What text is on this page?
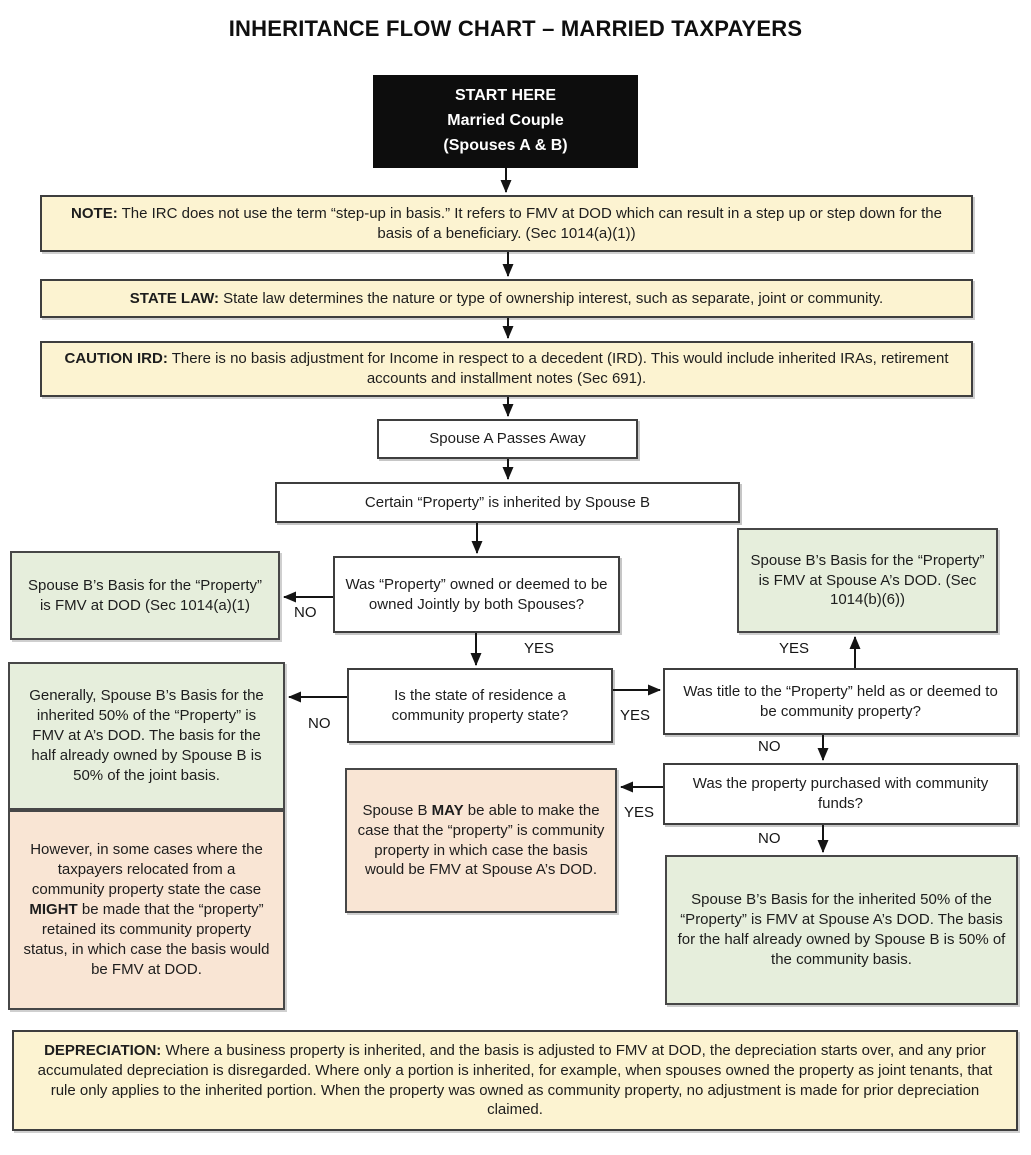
INHERITANCE FLOW CHART – MARRIED TAXPAYERS
START HERE
Married Couple
(Spouses A & B)
NOTE: The IRC does not use the term “step-up in basis.” It refers to FMV at DOD which can result in a step up or step down for the basis of a beneficiary. (Sec 1014(a)(1))
STATE LAW: State law determines the nature or type of ownership interest, such as separate, joint or community.
CAUTION IRD: There is no basis adjustment for Income in respect to a decedent (IRD). This would include inherited IRAs, retirement accounts and installment notes (Sec 691).
Spouse A Passes Away
Certain “Property” is inherited by Spouse B
Was “Property” owned or deemed to be owned Jointly by both Spouses?
Spouse B’s Basis for the “Property” is FMV at DOD (Sec 1014(a)(1)
Spouse B’s Basis for the “Property” is FMV at Spouse A’s DOD. (Sec 1014(b)(6))
Is the state of residence a community property state?
Generally, Spouse B’s Basis for the inherited 50% of the “Property” is FMV at A’s DOD. The basis for the half already owned by Spouse B is 50% of the joint basis.
However, in some cases where the taxpayers relocated from a community property state the case MIGHT be made that the “property” retained its community property status, in which case the basis would be FMV at DOD.
Was title to the “Property” held as or deemed to be community property?
Was the property purchased with community funds?
Spouse B MAY be able to make the case that the “property” is community property in which case the basis would be FMV at Spouse A’s DOD.
Spouse B’s Basis for the inherited 50% of the “Property” is FMV at Spouse A’s DOD. The basis for the half already owned by Spouse B is 50% of the community basis.
DEPRECIATION: Where a business property is inherited, and the basis is adjusted to FMV at DOD, the depreciation starts over, and any prior accumulated depreciation is disregarded. Where only a portion is inherited, for example, when spouses owned the property as joint tenants, that rule only applies to the inherited portion. When the property was owned as community property, no adjustment is made for prior depreciation claimed.
NO
YES
NO	YES
YES
NO
YES
NO
